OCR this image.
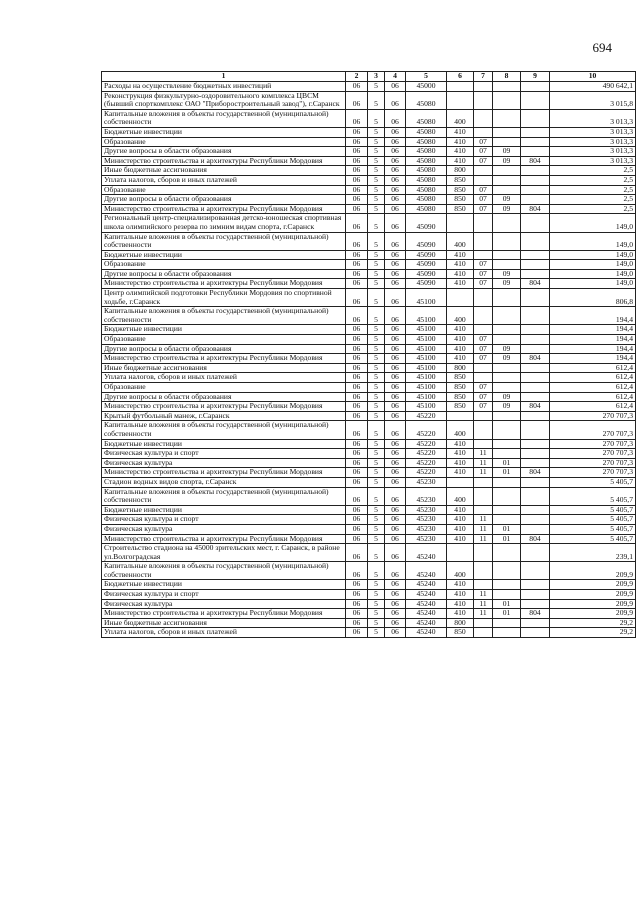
694
1	2	3	4	5	6	7	8	9	10
Расходы на осуществление бюджетных инвестиций	06	5	06	45000					490 642,1
Реконструкция физкультурно-оздоровительного комплекса ЦВСМ (бывший спорткомплекс ОАО "Приборостроительный завод"), г.Саранск	06	5	06	45080					3 015,8
Капитальные вложения в объекты государственной (муниципальной) собственности	06	5	06	45080	400				3 013,3
Бюджетные инвестиции	06	5	06	45080	410				3 013,3
Образование	06	5	06	45080	410	07			3 013,3
Другие вопросы в области образования	06	5	06	45080	410	07	09		3 013,3
Министерство строительства и архитектуры Республики Мордовия	06	5	06	45080	410	07	09	804	3 013,3
Иные бюджетные ассигнования	06	5	06	45080	800				2,5
Уплата налогов, сборов и иных платежей	06	5	06	45080	850				2,5
Образование	06	5	06	45080	850	07			2,5
Другие вопросы в области образования	06	5	06	45080	850	07	09		2,5
Министерство строительства и архитектуры Республики Мордовия	06	5	06	45080	850	07	09	804	2,5
Региональный центр-специализированная детско-юношеская спортивная школа олимпийского резерва по зимним видам спорта, г.Саранск	06	5	06	45090					149,0
Капитальные вложения в объекты государственной (муниципальной) собственности	06	5	06	45090	400				149,0
Бюджетные инвестиции	06	5	06	45090	410				149,0
Образование	06	5	06	45090	410	07			149,0
Другие вопросы в области образования	06	5	06	45090	410	07	09		149,0
Министерство строительства и архитектуры Республики Мордовия	06	5	06	45090	410	07	09	804	149,0
Центр олимпийской подготовки Республики Мордовия по спортивной ходьбе, г.Саранск	06	5	06	45100					806,8
Капитальные вложения в объекты государственной (муниципальной) собственности	06	5	06	45100	400				194,4
Бюджетные инвестиции	06	5	06	45100	410				194,4
Образование	06	5	06	45100	410	07			194,4
Другие вопросы в области образования	06	5	06	45100	410	07	09		194,4
Министерство строительства и архитектуры Республики Мордовия	06	5	06	45100	410	07	09	804	194,4
Иные бюджетные ассигнования	06	5	06	45100	800				612,4
Уплата налогов, сборов и иных платежей	06	5	06	45100	850				612,4
Образование	06	5	06	45100	850	07			612,4
Другие вопросы в области образования	06	5	06	45100	850	07	09		612,4
Министерство строительства и архитектуры Республики Мордовия	06	5	06	45100	850	07	09	804	612,4
Крытый футбольный манеж, г.Саранск	06	5	06	45220					270 707,3
Капитальные вложения в объекты государственной (муниципальной) собственности	06	5	06	45220	400				270 707,3
Бюджетные инвестиции	06	5	06	45220	410				270 707,3
Физическая культура и спорт	06	5	06	45220	410	11			270 707,3
Физическая культура	06	5	06	45220	410	11	01		270 707,3
Министерство строительства и архитектуры Республики Мордовия	06	5	06	45220	410	11	01	804	270 707,3
Стадион водных видов спорта, г.Саранск	06	5	06	45230					5 405,7
Капитальные вложения в объекты государственной (муниципальной) собственности	06	5	06	45230	400				5 405,7
Бюджетные инвестиции	06	5	06	45230	410				5 405,7
Физическая культура и спорт	06	5	06	45230	410	11			5 405,7
Физическая культура	06	5	06	45230	410	11	01		5 405,7
Министерство строительства и архитектуры Республики Мордовия	06	5	06	45230	410	11	01	804	5 405,7
Строительство стадиона на 45000 зрительских мест, г. Саранск, в районе ул.Волгоградская	06	5	06	45240					239,1
Капитальные вложения в объекты государственной (муниципальной) собственности	06	5	06	45240	400				209,9
Бюджетные инвестиции	06	5	06	45240	410				209,9
Физическая культура и спорт	06	5	06	45240	410	11			209,9
Физическая культура	06	5	06	45240	410	11	01		209,9
Министерство строительства и архитектуры Республики Мордовия	06	5	06	45240	410	11	01	804	209,9
Иные бюджетные ассигнования	06	5	06	45240	800				29,2
Уплата налогов, сборов и иных платежей	06	5	06	45240	850				29,2
